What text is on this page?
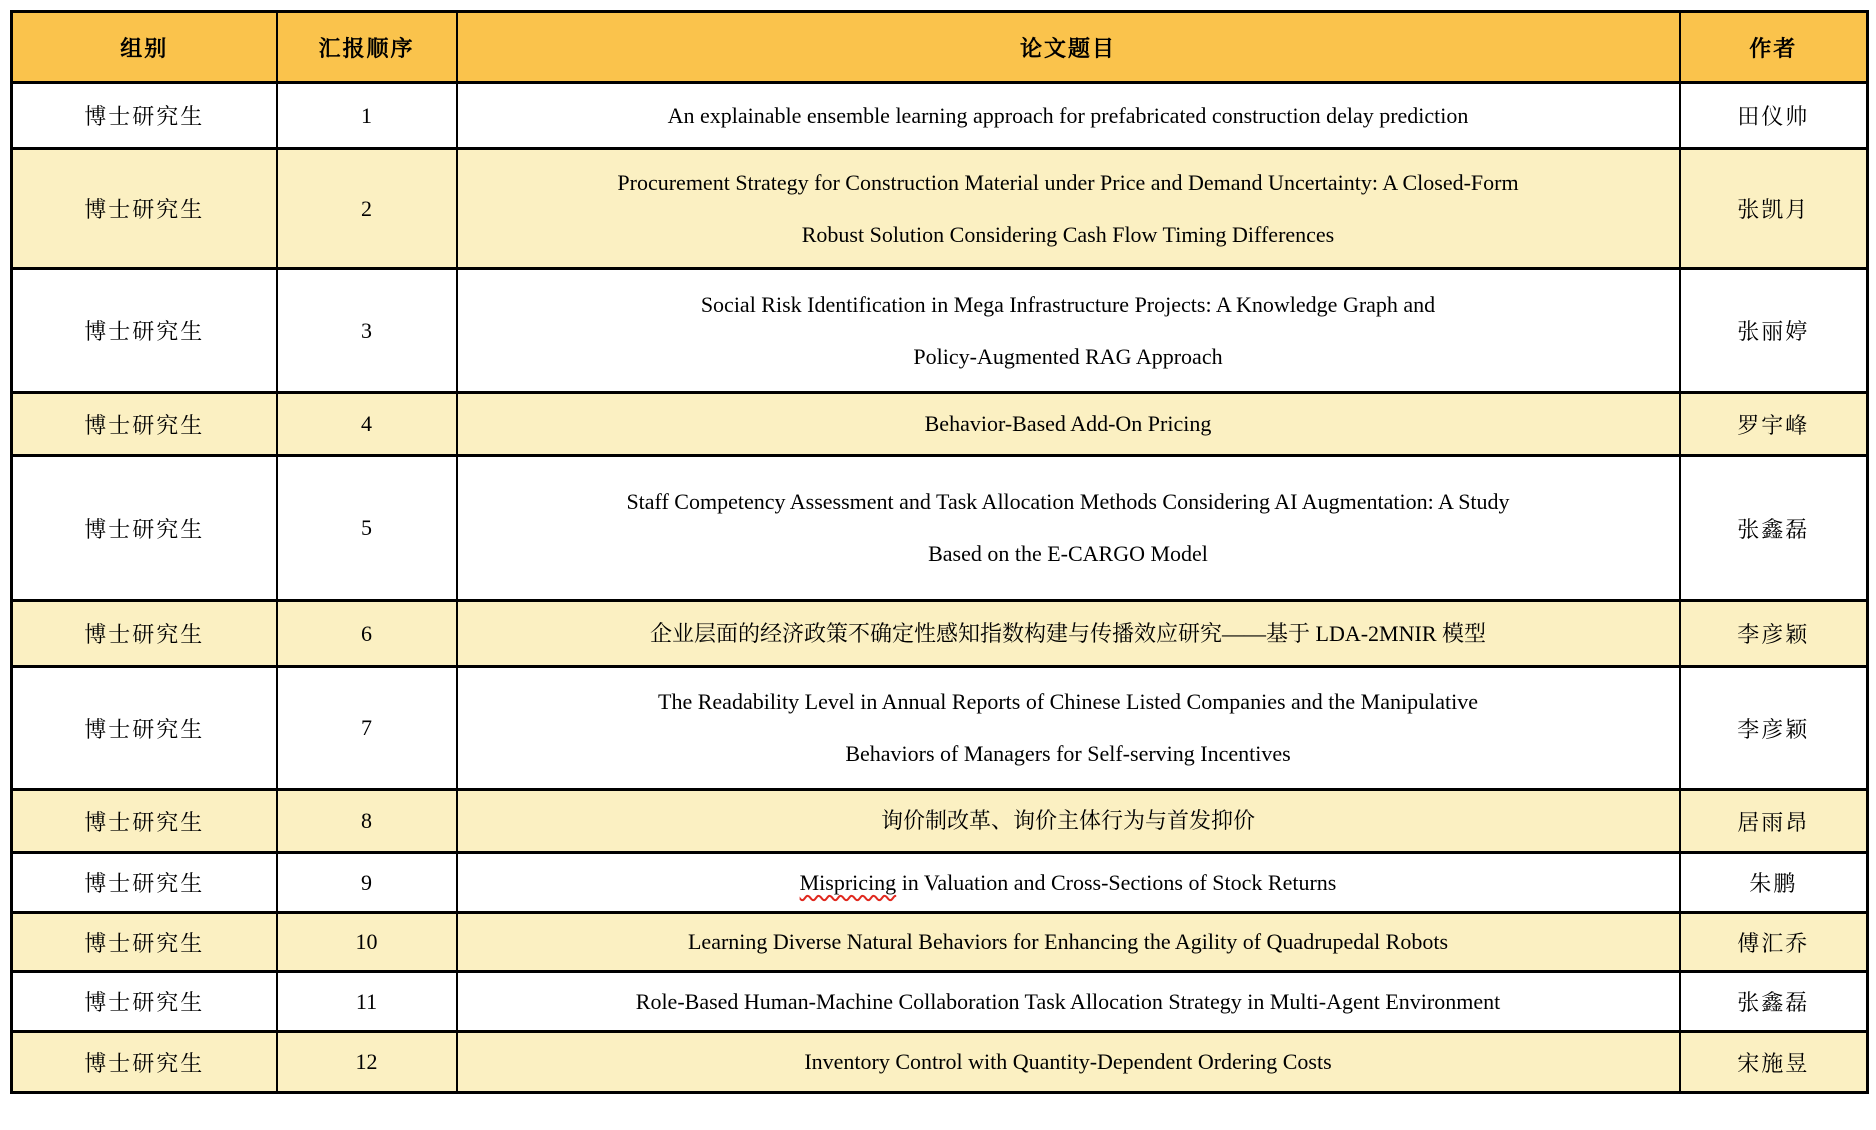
组别	汇报顺序	论文题目	作者
博士研究生	1	An explainable ensemble learning approach for prefabricated construction delay prediction	田仪帅
博士研究生	2	Procurement Strategy for Construction Material under Price and Demand Uncertainty: A Closed-Form
Robust Solution Considering Cash Flow Timing Differences	张凯月
博士研究生	3	Social Risk Identification in Mega Infrastructure Projects: A Knowledge Graph and
Policy-Augmented RAG Approach	张丽婷
博士研究生	4	Behavior-Based Add-On Pricing	罗宇峰
博士研究生	5	Staff Competency Assessment and Task Allocation Methods Considering AI Augmentation: A Study
Based on the E-CARGO Model	张鑫磊
博士研究生	6	企业层面的经济政策不确定性感知指数构建与传播效应研究——基于 LDA-2MNIR 模型	李彦颖
博士研究生	7	The Readability Level in Annual Reports of Chinese Listed Companies and the Manipulative
Behaviors of Managers for Self-serving Incentives	李彦颖
博士研究生	8	询价制改革、询价主体行为与首发抑价	居雨昂
博士研究生	9	Mispricing in Valuation and Cross-Sections of Stock Returns	朱鹏
博士研究生	10	Learning Diverse Natural Behaviors for Enhancing the Agility of Quadrupedal Robots	傅汇乔
博士研究生	11	Role-Based Human-Machine Collaboration Task Allocation Strategy in Multi-Agent Environment	张鑫磊
博士研究生	12	Inventory Control with Quantity-Dependent Ordering Costs	宋施昱
